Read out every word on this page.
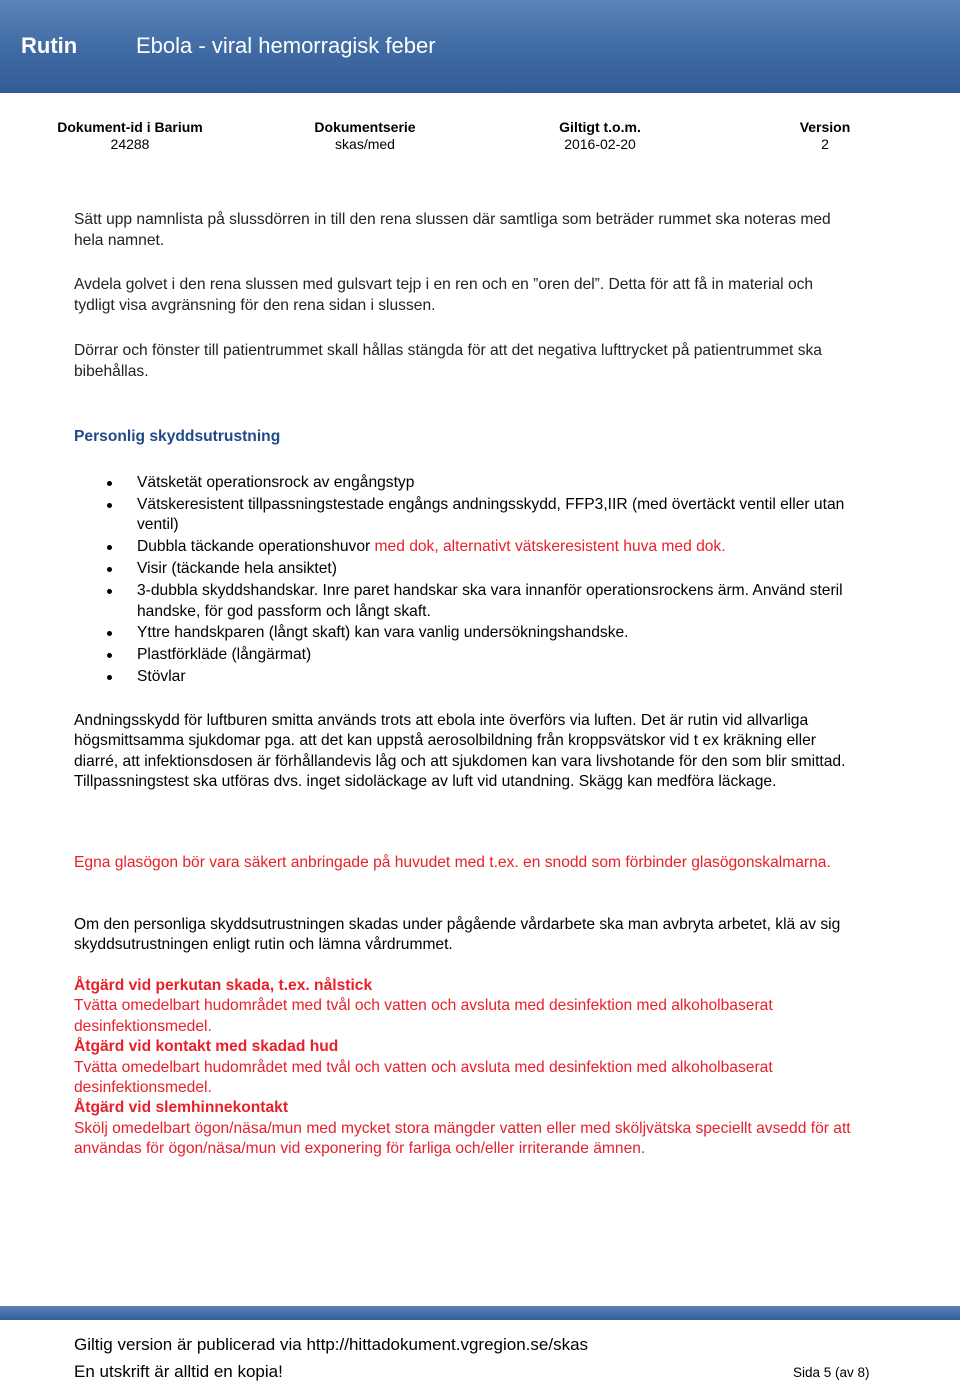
Rutin	Ebola - viral hemorragisk feber
Dokument-id i Barium
24288
Dokumentserie
skas/med
Giltigt t.o.m.
2016-02-20
Version
2
Sätt upp namnlista på slussdörren in till den rena slussen där samtliga som beträder rummet ska noteras med hela namnet.
Avdela golvet i den rena slussen med gulsvart tejp i en ren och en ”oren del”. Detta för att få in material och tydligt visa avgränsning för den rena sidan i slussen.
Dörrar och fönster till patientrummet skall hållas stängda för att det negativa lufttrycket på patientrummet ska bibehållas.
Personlig skyddsutrustning
Vätsketät operationsrock av engångstyp
Vätskeresistent tillpassningstestade engångs andningsskydd, FFP3,IIR (med övertäckt ventil eller utan ventil)
Dubbla täckande operationshuvor med dok, alternativt vätskeresistent huva med dok.
Visir (täckande hela ansiktet)
3-dubbla skyddshandskar. Inre paret handskar ska vara innanför operationsrockens ärm. Använd steril handske, för god passform och långt skaft.
Yttre handskparen (långt skaft) kan vara vanlig undersökningshandske.
Plastförkläde (långärmat)
Stövlar
Andningsskydd för luftburen smitta används trots att ebola inte överförs via luften. Det är rutin vid allvarliga högsmittsamma sjukdomar pga. att det kan uppstå aerosolbildning från kroppsvätskor vid t ex kräkning eller diarré, att infektionsdosen är förhållandevis låg och att sjukdomen kan vara livshotande för den som blir smittad.
Tillpassningstest ska utföras dvs. inget sidoläckage av luft vid utandning. Skägg kan medföra läckage.
Egna glasögon bör vara säkert anbringade på huvudet med t.ex. en snodd som förbinder glasögonskalmarna.
Om den personliga skyddsutrustningen skadas under pågående vårdarbete ska man avbryta arbetet, klä av sig skyddsutrustningen enligt rutin och lämna vårdrummet.
Åtgärd vid perkutan skada, t.ex. nålstick
Tvätta omedelbart hudområdet med tvål och vatten och avsluta med desinfektion med alkoholbaserat desinfektionsmedel.
Åtgärd vid kontakt med skadad hud
Tvätta omedelbart hudområdet med tvål och vatten och avsluta med desinfektion med alkoholbaserat desinfektionsmedel.
Åtgärd vid slemhinnekontakt
Skölj omedelbart ögon/näsa/mun med mycket stora mängder vatten eller med sköljvätska speciellt avsedd för att användas för ögon/näsa/mun vid exponering för farliga och/eller irriterande ämnen.
Giltig version är publicerad via http://hittadokument.vgregion.se/skas
En utskrift är alltid en kopia!	Sida 5 (av 8)
